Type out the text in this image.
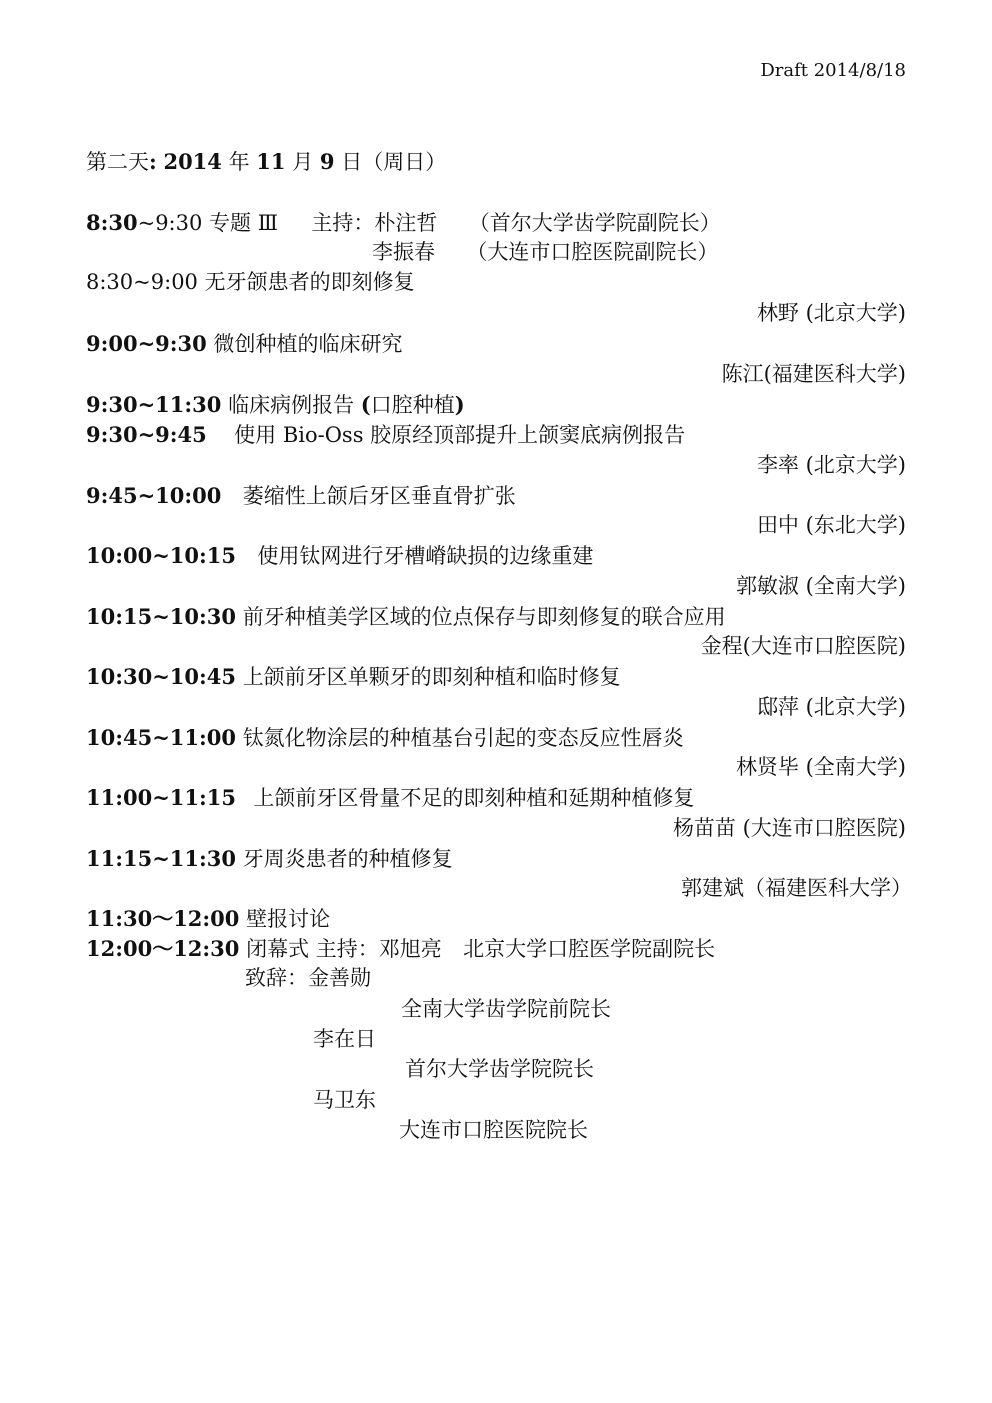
Draft 2014/8/18
第二天: 2014 年 11 月 9 日（周日）
8:30~9:30 专题 Ⅲ 主持：朴注哲 （首尔大学齿学院副院长）
李振春 （大连市口腔医院副院长）
8:30~9:00 无牙颌患者的即刻修复
林野 (北京大学)
9:00~9:30 微创种植的临床研究
陈江(福建医科大学)
9:30~11:30 临床病例报告 (口腔种植)
9:30~9:45 使用 Bio-Oss 胶原经顶部提升上颌窦底病例报告
李率 (北京大学)
9:45~10:00 萎缩性上颌后牙区垂直骨扩张
田中 (东北大学)
10:00~10:15 使用钛网进行牙槽嵴缺损的边缘重建
郭敏淑 (全南大学)
10:15~10:30 前牙种植美学区域的位点保存与即刻修复的联合应用
金程(大连市口腔医院)
10:30~10:45 上颌前牙区单颗牙的即刻种植和临时修复
邸萍 (北京大学)
10:45~11:00 钛氮化物涂层的种植基台引起的变态反应性唇炎
林贤毕 (全南大学)
11:00~11:15 上颌前牙区骨量不足的即刻种植和延期种植修复
杨苗苗 (大连市口腔医院)
11:15~11:30 牙周炎患者的种植修复
郭建斌（福建医科大学）
11:30～12:00 壁报讨论
12:00～12:30 闭幕式 主持：邓旭亮 北京大学口腔医学院副院长
致辞：金善勋
全南大学齿学院前院长
李在日
首尔大学齿学院院长
马卫东
大连市口腔医院院长
